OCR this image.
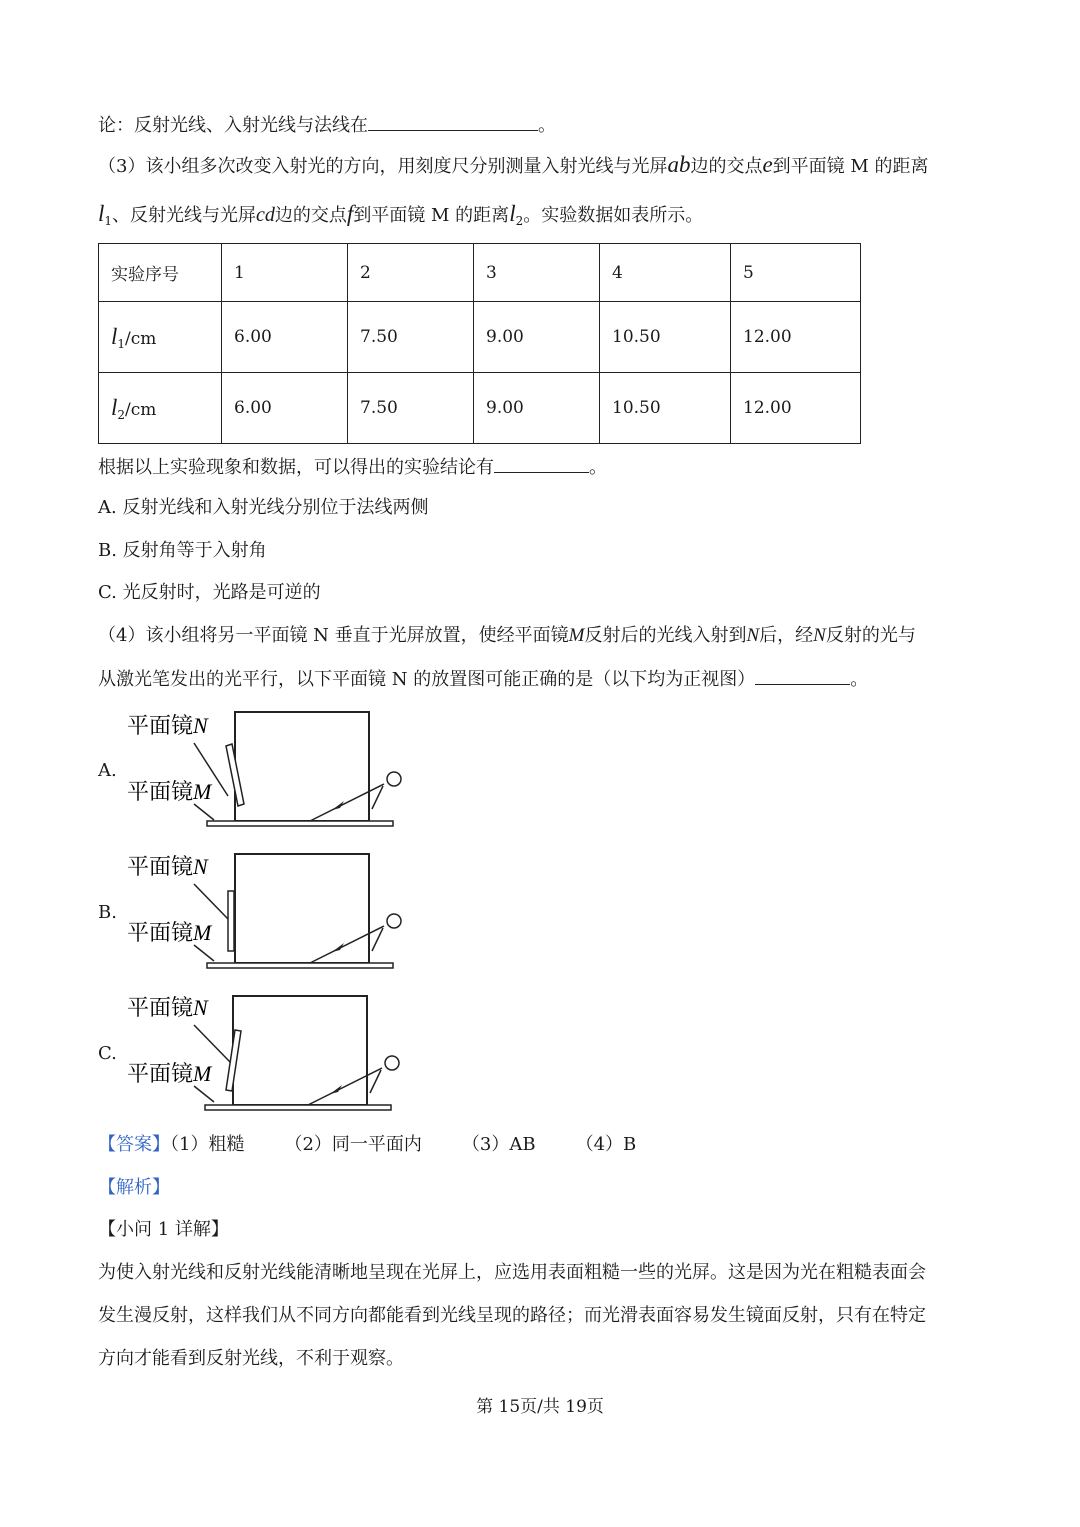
论：反射光线、入射光线与法线在	。
（3）该小组多次改变入射光的方向，用刻度尺分别测量入射光线与光屏ab边的交点e到平面镜 M 的距离
$l_1$、反射光线与光屏cd边的交点f到平面镜 M 的距离$l_2$。实验数据如表所示。
实验序号	1	2	3	4	5
$l_1/cm$	6.00	7.50	9.00	10.50	12.00
$l_2/cm$	6.00	7.50	9.00	10.50	12.00
根据以上实验现象和数据，可以得出的实验结论有	。
A. 反射光线和入射光线分别位于法线两侧
B. 反射角等于入射角
C. 光反射时，光路是可逆的
（4）该小组将另一平面镜 N 垂直于光屏放置，使经平面镜M反射后的光线入射到N后，经N反射的光与
从激光笔发出的光平行，以下平面镜 N 的放置图可能正确的是（以下均为正视图）	。
A.
B.
C.
平面镜N
平面镜M
平面镜N
平面镜M
平面镜N
平面镜M
【答案】（1）粗糙 （2）同一平面内 （3）AB （4）B
【解析】
【小问 1 详解】
为使入射光线和反射光线能清晰地呈现在光屏上，应选用表面粗糙一些的光屏。这是因为光在粗糙表面会
发生漫反射，这样我们从不同方向都能看到光线呈现的路径；而光滑表面容易发生镜面反射，只有在特定
方向才能看到反射光线，不利于观察。
第 15页/共 19页
